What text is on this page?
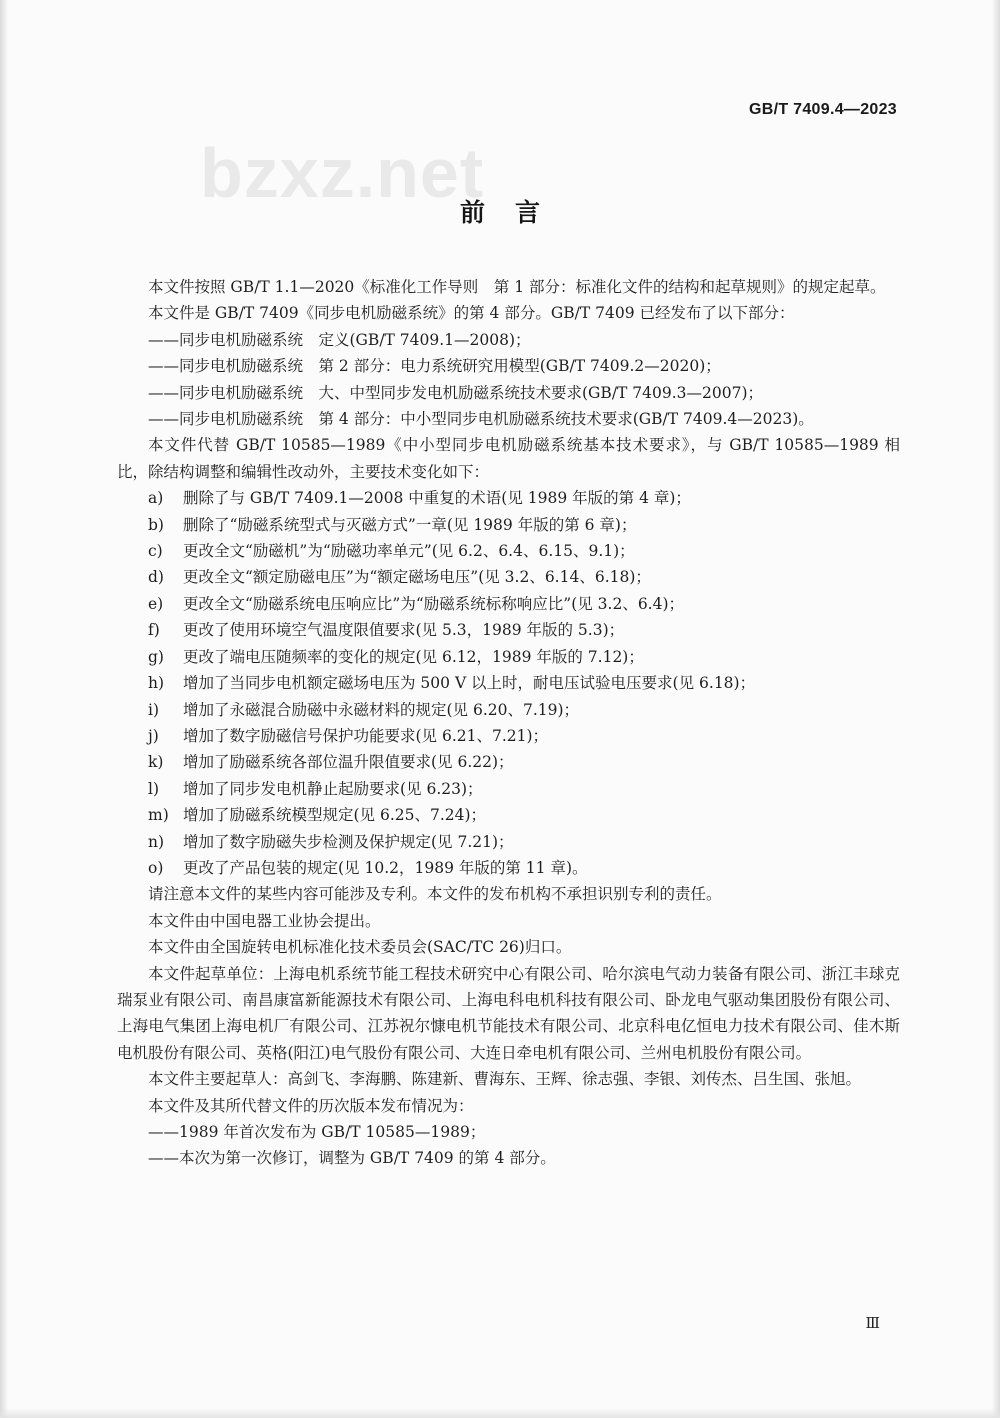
GB/T 7409.4—2023
bzxz.net
前言

本文件按照 GB/T 1.1—2020《标准化工作导则　第 1 部分：标准化文件的结构和起草规则》的规定起草。

本文件是 GB/T 7409《同步电机励磁系统》的第 4 部分。GB/T 7409 已经发布了以下部分：

——同步电机励磁系统　定义(GB/T 7409.1—2008)；

——同步电机励磁系统　第 2 部分：电力系统研究用模型(GB/T 7409.2—2020)；

——同步电机励磁系统　大、中型同步发电机励磁系统技术要求(GB/T 7409.3—2007)；

——同步电机励磁系统　第 4 部分：中小型同步电机励磁系统技术要求(GB/T 7409.4—2023)。

本文件代替 GB/T 10585—1989《中小型同步电机励磁系统基本技术要求》，与 GB/T 10585—1989 相比，除结构调整和编辑性改动外，主要技术变化如下：

a)	删除了与 GB/T 7409.1—2008 中重复的术语(见 1989 年版的第 4 章)；

b)	删除了“励磁系统型式与灭磁方式”一章(见 1989 年版的第 6 章)；

c)	更改全文“励磁机”为“励磁功率单元”(见 6.2、6.4、6.15、9.1)；

d)	更改全文“额定励磁电压”为“额定磁场电压”(见 3.2、6.14、6.18)；

e)	更改全文“励磁系统电压响应比”为“励磁系统标称响应比”(见 3.2、6.4)；

f)	更改了使用环境空气温度限值要求(见 5.3，1989 年版的 5.3)；

g)	更改了端电压随频率的变化的规定(见 6.12，1989 年版的 7.12)；

h)	增加了当同步电机额定磁场电压为 500 V 以上时，耐电压试验电压要求(见 6.18)；

i)	增加了永磁混合励磁中永磁材料的规定(见 6.20、7.19)；

j)	增加了数字励磁信号保护功能要求(见 6.21、7.21)；

k)	增加了励磁系统各部位温升限值要求(见 6.22)；

l)	增加了同步发电机静止起励要求(见 6.23)；

m) 增加了励磁系统模型规定(见 6.25、7.24)；

n)	增加了数字励磁失步检测及保护规定(见 7.21)；

o)	更改了产品包装的规定(见 10.2，1989 年版的第 11 章)。

请注意本文件的某些内容可能涉及专利。本文件的发布机构不承担识别专利的责任。

本文件由中国电器工业协会提出。

本文件由全国旋转电机标准化技术委员会(SAC/TC 26)归口。

本文件起草单位：上海电机系统节能工程技术研究中心有限公司、哈尔滨电气动力装备有限公司、浙江丰球克瑞泵业有限公司、南昌康富新能源技术有限公司、上海电科电机科技有限公司、卧龙电气驱动集团股份有限公司、上海电气集团上海电机厂有限公司、江苏祝尔慷电机节能技术有限公司、北京科电亿恒电力技术有限公司、佳木斯电机股份有限公司、英格(阳江)电气股份有限公司、大连日牵电机有限公司、兰州电机股份有限公司。

本文件主要起草人：高剑飞、李海鹏、陈建新、曹海东、王辉、徐志强、李银、刘传杰、吕生国、张旭。

本文件及其所代替文件的历次版本发布情况为：

——1989 年首次发布为 GB/T 10585—1989；

——本次为第一次修订，调整为 GB/T 7409 的第 4 部分。

Ⅲ
